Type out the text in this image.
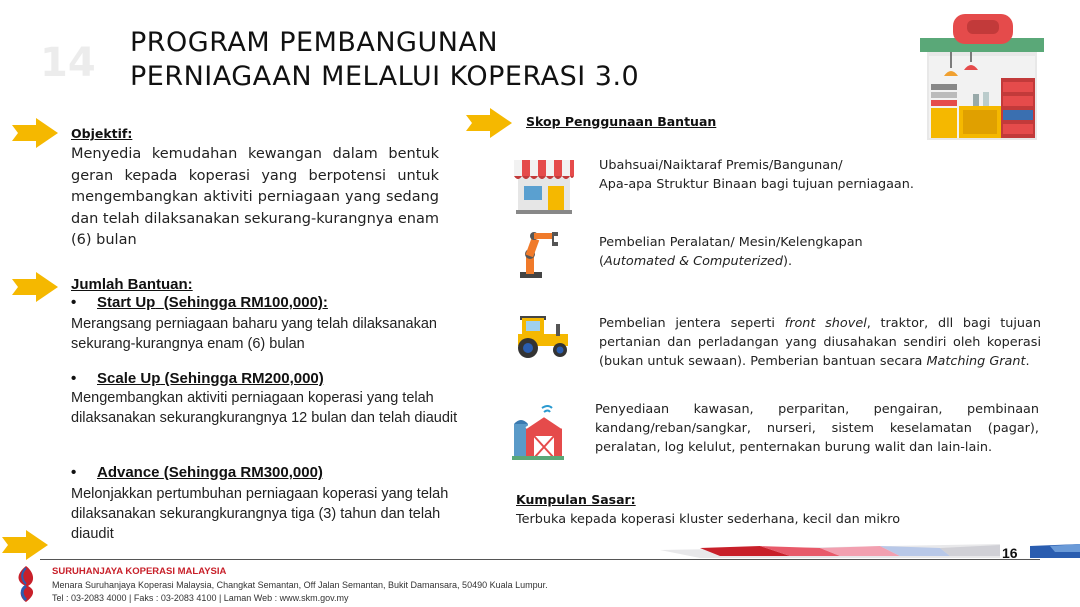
14 PROGRAM PEMBANGUNAN
PERNIAGAAN MELALUI KOPERASI 3.0
Objektif:
Menyedia kemudahan kewangan dalam bentuk geran kepada koperasi yang berpotensi untuk mengembangkan aktiviti perniagaan yang sedang dan telah dilaksanakan sekurang-kurangnya enam (6) bulan
Jumlah Bantuan:
• Start Up (Sehingga RM100,000):
Merangsang perniagaan baharu yang telah dilaksanakan sekurang-kurangnya enam (6) bulan
• Scale Up (Sehingga RM200,000)
Mengembangkan aktiviti perniagaan koperasi yang telah dilaksanakan sekurangkurangnya 12 bulan dan telah diaudit
• Advance (Sehingga RM300,000)
Melonjakkan pertumbuhan perniagaan koperasi yang telah dilaksanakan sekurangkurangnya tiga (3) tahun dan telah diaudit
Skop Penggunaan Bantuan
Ubahsuai/Naiktaraf Premis/Bangunan/
Apa-apa Struktur Binaan bagi tujuan perniagaan.
Pembelian Peralatan/ Mesin/Kelengkapan
(Automated & Computerized).
Pembelian jentera seperti front shovel, traktor, dll bagi tujuan pertanian dan perladangan yang diusahakan sendiri oleh koperasi (bukan untuk sewaan). Pemberian bantuan secara Matching Grant.
Penyediaan kawasan, perparitan, pengairan, pembinaan kandang/reban/sangkar, nurseri, sistem keselamatan (pagar), peralatan, log kelulut, penternakan burung walit dan lain-lain.
Kumpulan Sasar:
Terbuka kepada koperasi kluster sederhana, kecil dan mikro
16
SURUHANJAYA KOPERASI MALAYSIA
Menara Suruhanjaya Koperasi Malaysia, Changkat Semantan, Off Jalan Semantan, Bukit Damansara, 50490 Kuala Lumpur.
Tel : 03-2083 4000 | Faks : 03-2083 4100 | Laman Web : www.skm.gov.my
